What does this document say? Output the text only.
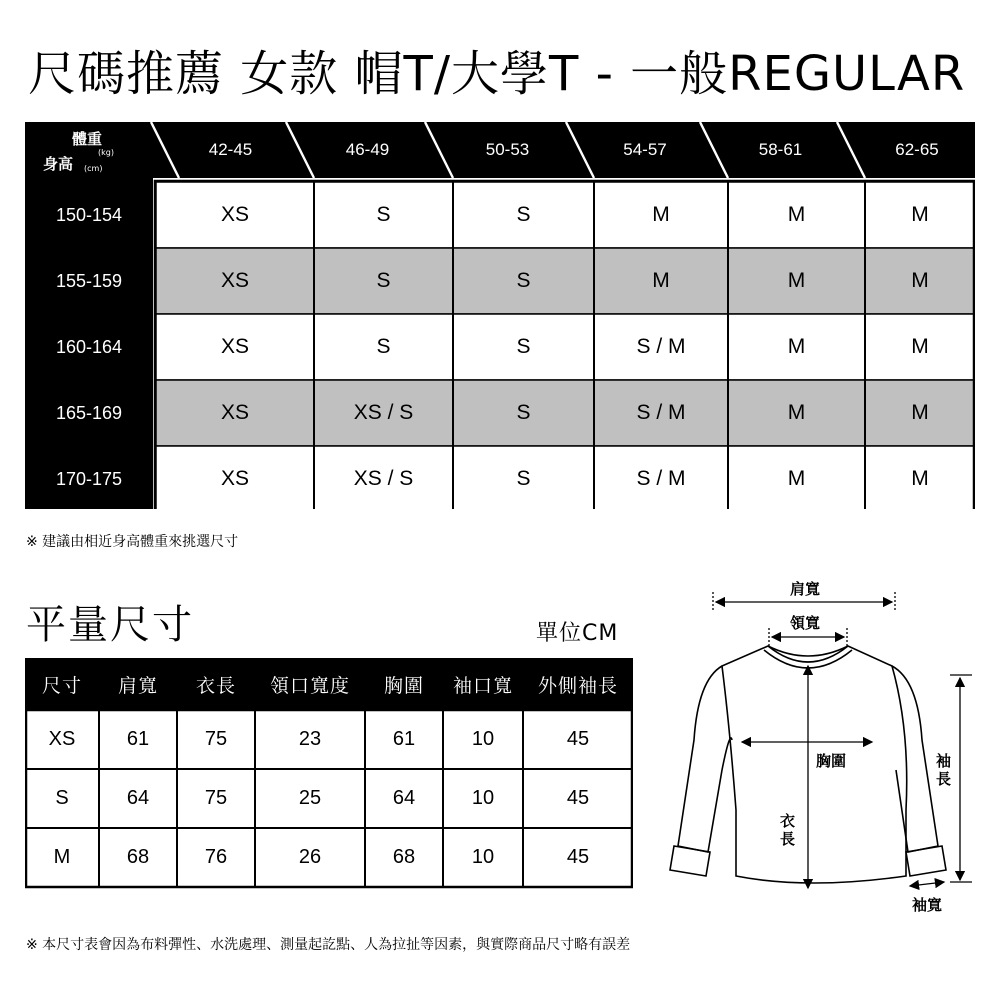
尺碼推薦 女款 帽T/大學T - 一般REGULAR
體重
(kg)
身高 (cm)
150-154	XS	S	S	M	M	M
155-159	XS	S	S	M	M	M
160-164	XS	S	S	S / M	M	M
165-169	XS	XS / S	S	S / M	M	M
170-175	XS	XS / S	S	S / M	M	M
42-45	46-49	50-53	54-57	58-61	62-65
※ 建議由相近身高體重來挑選尺寸
平量尺寸	單位CM
尺寸	肩寬	衣長	領口寬度	胸圍	袖口寬	外側袖長
XS	61	75	23	61	10	45
S	64	75	25	64	10	45
M	68	76	26	68	10	45
肩寬
領寬
胸圍	袖
長
衣
長
袖寬
※ 本尺寸表會因為布料彈性、水洗處理、測量起訖點、人為拉扯等因素，與實際商品尺寸略有誤差
